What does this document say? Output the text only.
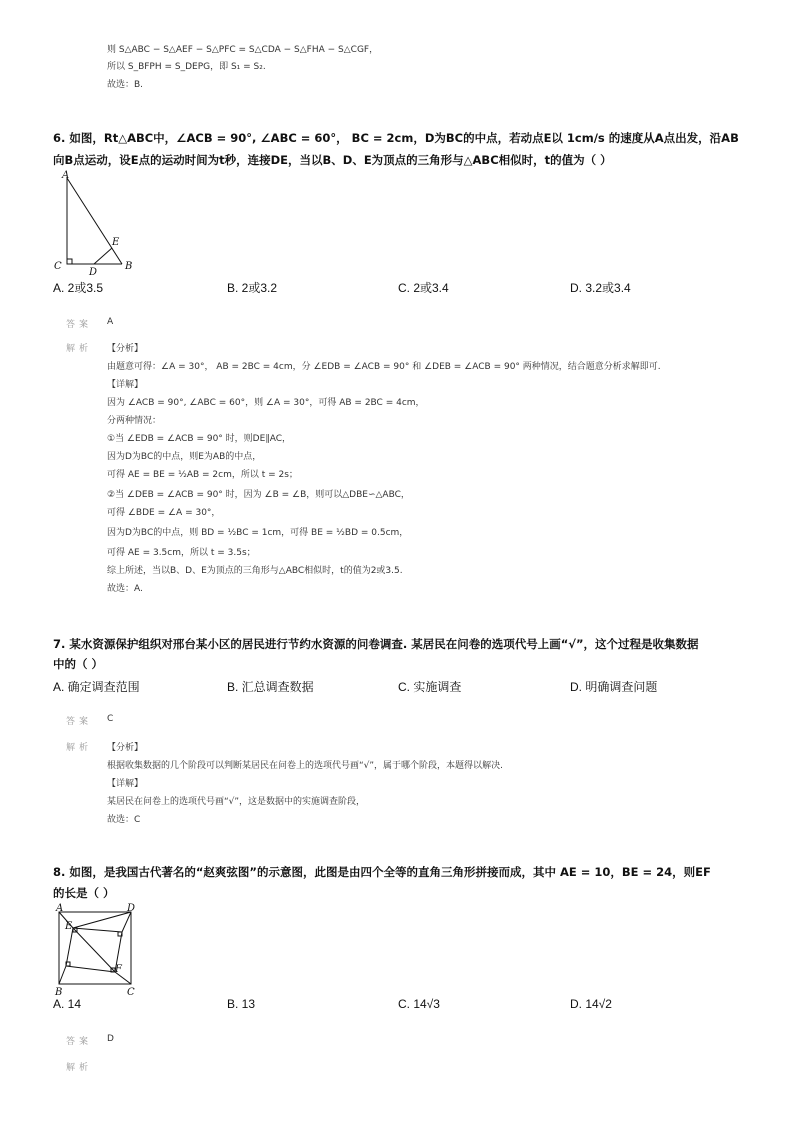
则 S△ABC − S△AEF − S△PFC = S△CDA − S△FHA − S△CGF，
所以 S_BFPH = S_DEPG，即 S₁ = S₂.
故选：B.
6. 如图，Rt△ABC中，∠ACB = 90°, ∠ABC = 60°， BC = 2cm，D为BC的中点，若动点E以 1cm/s 的速度从A点出发，沿AB
向B点运动，设E点的运动时间为t秒，连接DE，当以B、D、E为顶点的三角形与△ABC相似时，t的值为（ ）
A
C
D
B
E
A. 2或3.5	B. 2或3.2	C. 2或3.4	D. 3.2或3.4
答案 A
解析 【分析】
由题意可得：∠A = 30°， AB = 2BC = 4cm，分 ∠EDB = ∠ACB = 90° 和 ∠DEB = ∠ACB = 90° 两种情况，结合题意分析求解即可.
【详解】
因为 ∠ACB = 90°, ∠ABC = 60°，则 ∠A = 30°，可得 AB = 2BC = 4cm，
分两种情况：
①当 ∠EDB = ∠ACB = 90° 时，则DE∥AC，
因为D为BC的中点，则E为AB的中点，
可得 AE = BE = ½AB = 2cm，所以 t = 2s；
②当 ∠DEB = ∠ACB = 90° 时，因为 ∠B = ∠B，则可以△DBE∽△ABC，
可得 ∠BDE = ∠A = 30°，
因为D为BC的中点，则 BD = ½BC = 1cm，可得 BE = ½BD = 0.5cm，
可得 AE = 3.5cm，所以 t = 3.5s；
综上所述，当以B、D、E为顶点的三角形与△ABC相似时，t的值为2或3.5.
故选：A.
7. 某水资源保护组织对邢台某小区的居民进行节约水资源的问卷调查. 某居民在问卷的选项代号上画“√”，这个过程是收集数据
中的（ ）
A. 确定调查范围	B. 汇总调查数据	C. 实施调查	D. 明确调查问题
答案 C
解析 【分析】
根据收集数据的几个阶段可以判断某居民在问卷上的选项代号画“√”，属于哪个阶段，本题得以解决.
【详解】
某居民在问卷上的选项代号画“√”，这是数据中的实施调查阶段，
故选：C
8. 如图，是我国古代著名的“赵爽弦图”的示意图，此图是由四个全等的直角三角形拼接而成，其中 AE = 10，BE = 24，则EF
的长是（ ）
A	D
E
F
B	C
A. 14	B. 13	C. 14√3	D. 14√2
答案 D
解析
